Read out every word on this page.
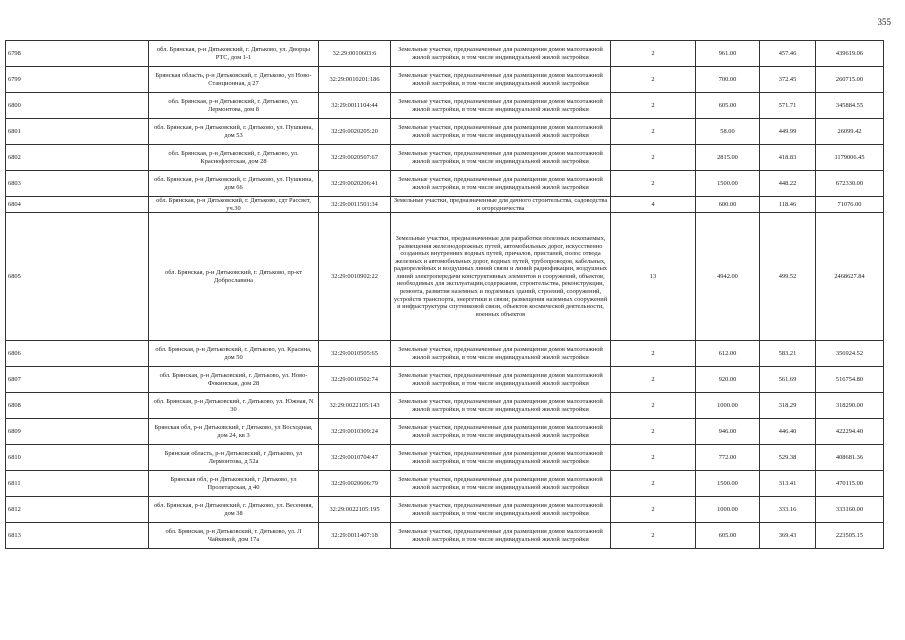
355
6798	обл. Брянская, р-н Дятьковский, г. Дятьково, ул. Дворцы РТС, дом 1-1	32:29:0010603:6	Земельные участки, предназначенные для размещения домов малоэтажной жилой застройки, в том числе индивидуальной жилой застройки	2	961.00	457.46	439619.06
6799	Брянская область, р-н Дятьковский, г. Дятьково, ул Ново-Станционная, д 27	32:29:0010201:186	Земельные участки, предназначенные для размещения домов малоэтажной жилой застройки, в том числе индивидуальной жилой застройки	2	700.00	372.45	260715.00
6800	обл. Брянская, р-н Дятьковский, г. Дятьково, ул. Лермонтова, дом 8	32:29:0011104:44	Земельные участки, предназначенные для размещения домов малоэтажной жилой застройки, в том числе индивидуальной жилой застройки	2	605.00	571.71	345884.55
6801	обл. Брянская, р-н Дятьковский, г. Дятьково, ул. Пушкина, дом 53	32:29:0020205:20	Земельные участки, предназначенные для размещения домов малоэтажной жилой застройки, в том числе индивидуальной жилой застройки	2	58.00	449.99	26099.42
6802	обл. Брянская, р-н Дятьковский, г. Дятьково, ул. Краснофлотская, дом 28	32:29:0020507:67	Земельные участки, предназначенные для размещения домов малоэтажной жилой застройки, в том числе индивидуальной жилой застройки	2	2815.00	418.83	1179006.45
6803	обл. Брянская, р-н Дятьковский, г. Дятьково, ул. Пушкина, дом 66	32:29:0020206:41	Земельные участки, предназначенные для размещения домов малоэтажной жилой застройки, в том числе индивидуальной жилой застройки	2	1500.00	448.22	672330.00
6804	обл. Брянская, р-н Дятьковский, г. Дятьково, сдт Рассвет, уч.30	32:29:0011501:34	Земельные участки, предназначенные для дачного строительства, садоводства и огородничества	4	600.00	118.46	71076.00
6805	обл. Брянская, р-н Дятьковский, г. Дятьково, пр-кт Доброславина	32:29:0010902:22	Земельные участки, предназначенные для разработки полезных ископаемых, размещения железнодорожных путей, автомобильных дорог, искусственно созданных внутренних водных путей, причалов, пристаней, полос отвода железных и автомобильных дорог, водных путей, трубопроводов, кабельных, радиорелейных и воздушных линий связи и линий радиофикации, воздушных линий электропередачи конструктивных элементов и сооружений, объектов, необходимых для эксплуатации,содержания, строительства, реконструкции, ремонта, развития наземных и подземных зданий, строений, сооружений, устройств транспорта, энергетики и связи; размещения наземных сооружений и инфраструктуры спутниковой связи, объектов космической деятельности, военных объектов	13	4942.00	499.52	2468627.84
6806	обл. Брянская, р-н Дятьковский, г. Дятьково, ул. Красина, дом 50	32:29:0010505:65	Земельные участки, предназначенные для размещения домов малоэтажной жилой застройки, в том числе индивидуальной жилой застройки	2	612.00	583.21	356924.52
6807	обл. Брянская, р-н Дятьковский, г. Дятьково, ул. Ново-Фокинская, дом 28	32:29:0010502:74	Земельные участки, предназначенные для размещения домов малоэтажной жилой застройки, в том числе индивидуальной жилой застройки	2	920.00	561.69	516754.80
6808	обл. Брянская, р-н Дятьковский, г. Дятьково, ул. Южная, N 30	32:29:0022105:143	Земельные участки, предназначенные для размещения домов малоэтажной жилой застройки, в том числе индивидуальной жилой застройки	2	1000.00	318.29	318290.00
6809	Брянская обл, р-н Дятьковский, г Дятьково, ул Восходная, дом 24, кв 3	32:29:0010309:24	Земельные участки, предназначенные для размещения домов малоэтажной жилой застройки, в том числе индивидуальной жилой застройки	2	946.00	446.40	422294.40
6810	Брянская область, р-н Дятьковский, г Дятьково, ул Лермонтова, д 52а	32:29:0010704:47	Земельные участки, предназначенные для размещения домов малоэтажной жилой застройки, в том числе индивидуальной жилой застройки	2	772.00	529.38	408681.36
6811	Брянская обл, р-н Дятьковский, г Дятьково, ул Пролетарская, д 40	32:29:0020606:79	Земельные участки, предназначенные для размещения домов малоэтажной жилой застройки, в том числе индивидуальной жилой застройки	2	1500.00	313.41	470115.00
6812	обл. Брянская, р-н Дятьковский, г. Дятьково, ул. Весенняя, дом 38	32:29:0022105:195	Земельные участки, предназначенные для размещения домов малоэтажной жилой застройки, в том числе индивидуальной жилой застройки	2	1000.00	333.16	333160.00
6813	обл. Брянская, р-н Дятьковский, г. Дятьково, ул. Л Чайкиной, дом 17а	32:29:0011407:18	Земельные участки, предназначенные для размещения домов малоэтажной жилой застройки, в том числе индивидуальной жилой застройки	2	605.00	369.43	223505.15
